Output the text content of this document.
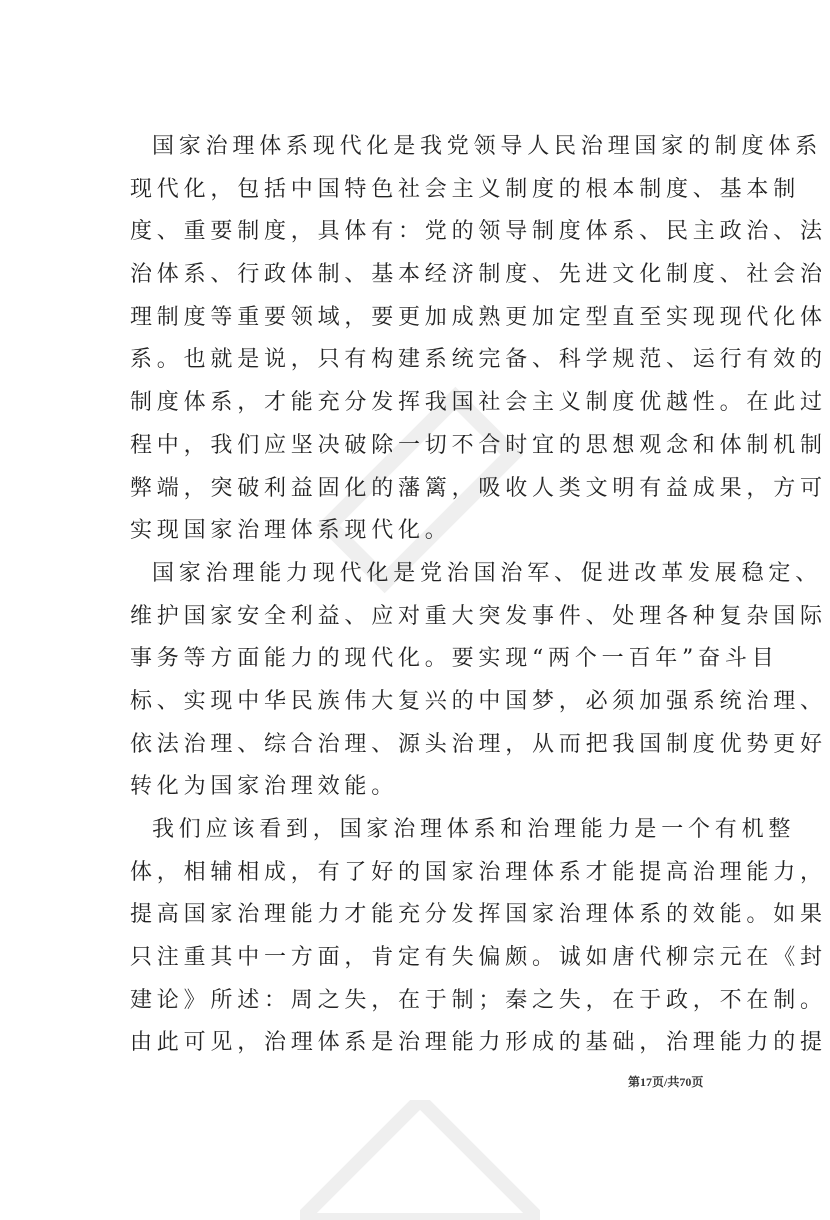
国家治理体系现代化是我党领导人民治理国家的制度体系
现代化，包括中国特色社会主义制度的根本制度、基本制
度、重要制度，具体有：党的领导制度体系、民主政治、法
治体系、行政体制、基本经济制度、先进文化制度、社会治
理制度等重要领域，要更加成熟更加定型直至实现现代化体
系。也就是说，只有构建系统完备、科学规范、运行有效的
制度体系，才能充分发挥我国社会主义制度优越性。在此过
程中，我们应坚决破除一切不合时宜的思想观念和体制机制
弊端，突破利益固化的藩篱，吸收人类文明有益成果，方可
实现国家治理体系现代化。
国家治理能力现代化是党治国治军、促进改革发展稳定、
维护国家安全利益、应对重大突发事件、处理各种复杂国际
事务等方面能力的现代化。要实现“两个一百年”奋斗目
标、实现中华民族伟大复兴的中国梦，必须加强系统治理、
依法治理、综合治理、源头治理，从而把我国制度优势更好
转化为国家治理效能。
我们应该看到，国家治理体系和治理能力是一个有机整
体，相辅相成，有了好的国家治理体系才能提高治理能力，
提高国家治理能力才能充分发挥国家治理体系的效能。如果
只注重其中一方面，肯定有失偏颇。诚如唐代柳宗元在《封
建论》所述：周之失，在于制；秦之失，在于政，不在制。
由此可见，治理体系是治理能力形成的基础，治理能力的提
第17页/共70页
